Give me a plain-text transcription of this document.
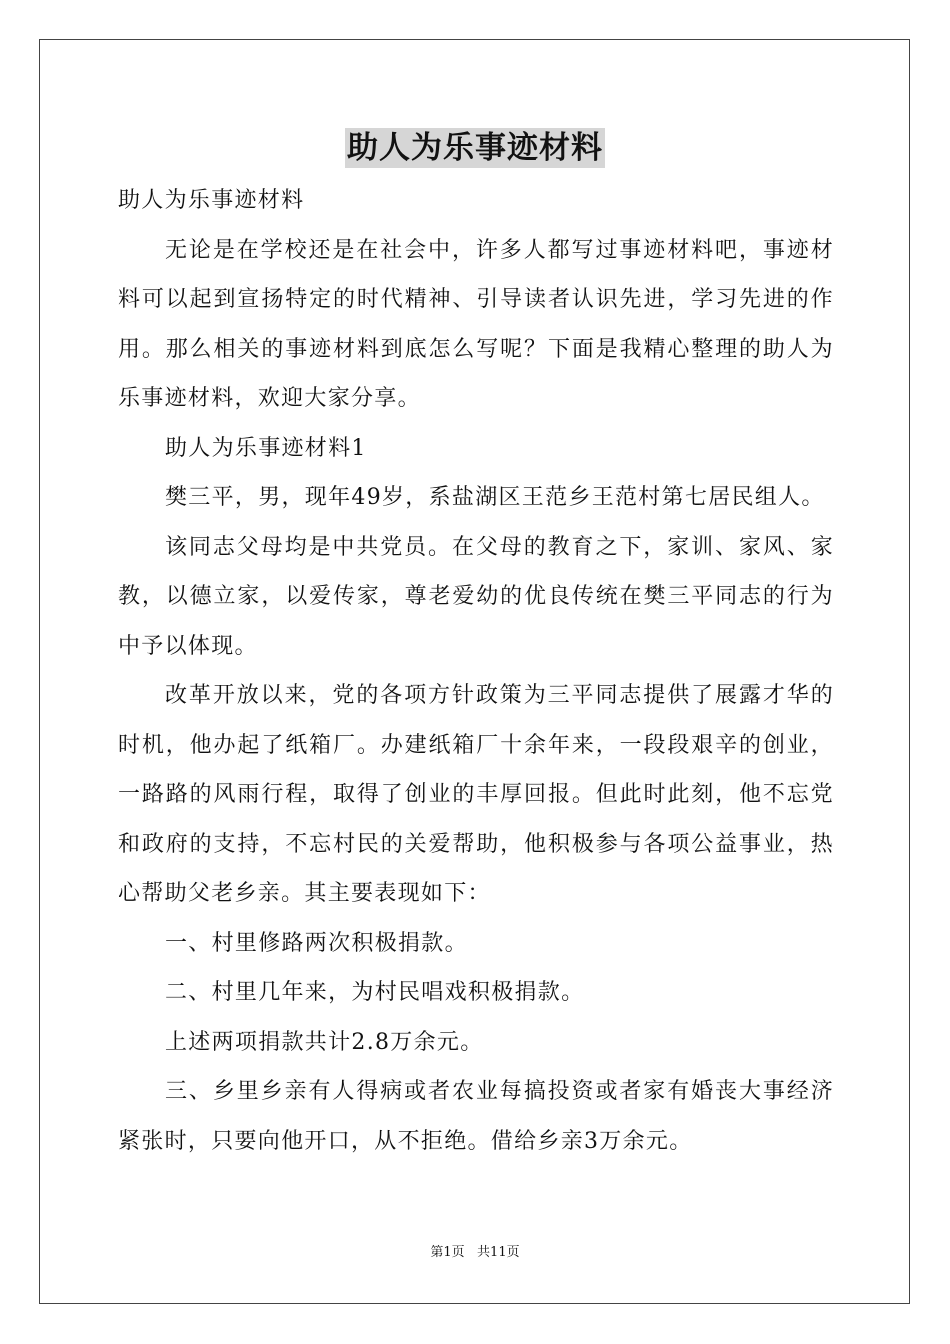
助人为乐事迹材料

助人为乐事迹材料

无论是在学校还是在社会中，许多人都写过事迹材料吧，事迹材料可以起到宣扬特定的时代精神、引导读者认识先进，学习先进的作用。那么相关的事迹材料到底怎么写呢？下面是我精心整理的助人为乐事迹材料，欢迎大家分享。

助人为乐事迹材料1

樊三平，男，现年49岁，系盐湖区王范乡王范村第七居民组人。

该同志父母均是中共党员。在父母的教育之下，家训、家风、家教，以德立家，以爱传家，尊老爱幼的优良传统在樊三平同志的行为中予以体现。

改革开放以来，党的各项方针政策为三平同志提供了展露才华的时机，他办起了纸箱厂。办建纸箱厂十余年来，一段段艰辛的创业，一路路的风雨行程，取得了创业的丰厚回报。但此时此刻，他不忘党和政府的支持，不忘村民的关爱帮助，他积极参与各项公益事业，热心帮助父老乡亲。其主要表现如下：

一、村里修路两次积极捐款。

二、村里几年来，为村民唱戏积极捐款。

上述两项捐款共计2.8万余元。

三、乡里乡亲有人得病或者农业每搞投资或者家有婚丧大事经济紧张时，只要向他开口，从不拒绝。借给乡亲3万余元。

第1页   共11页
